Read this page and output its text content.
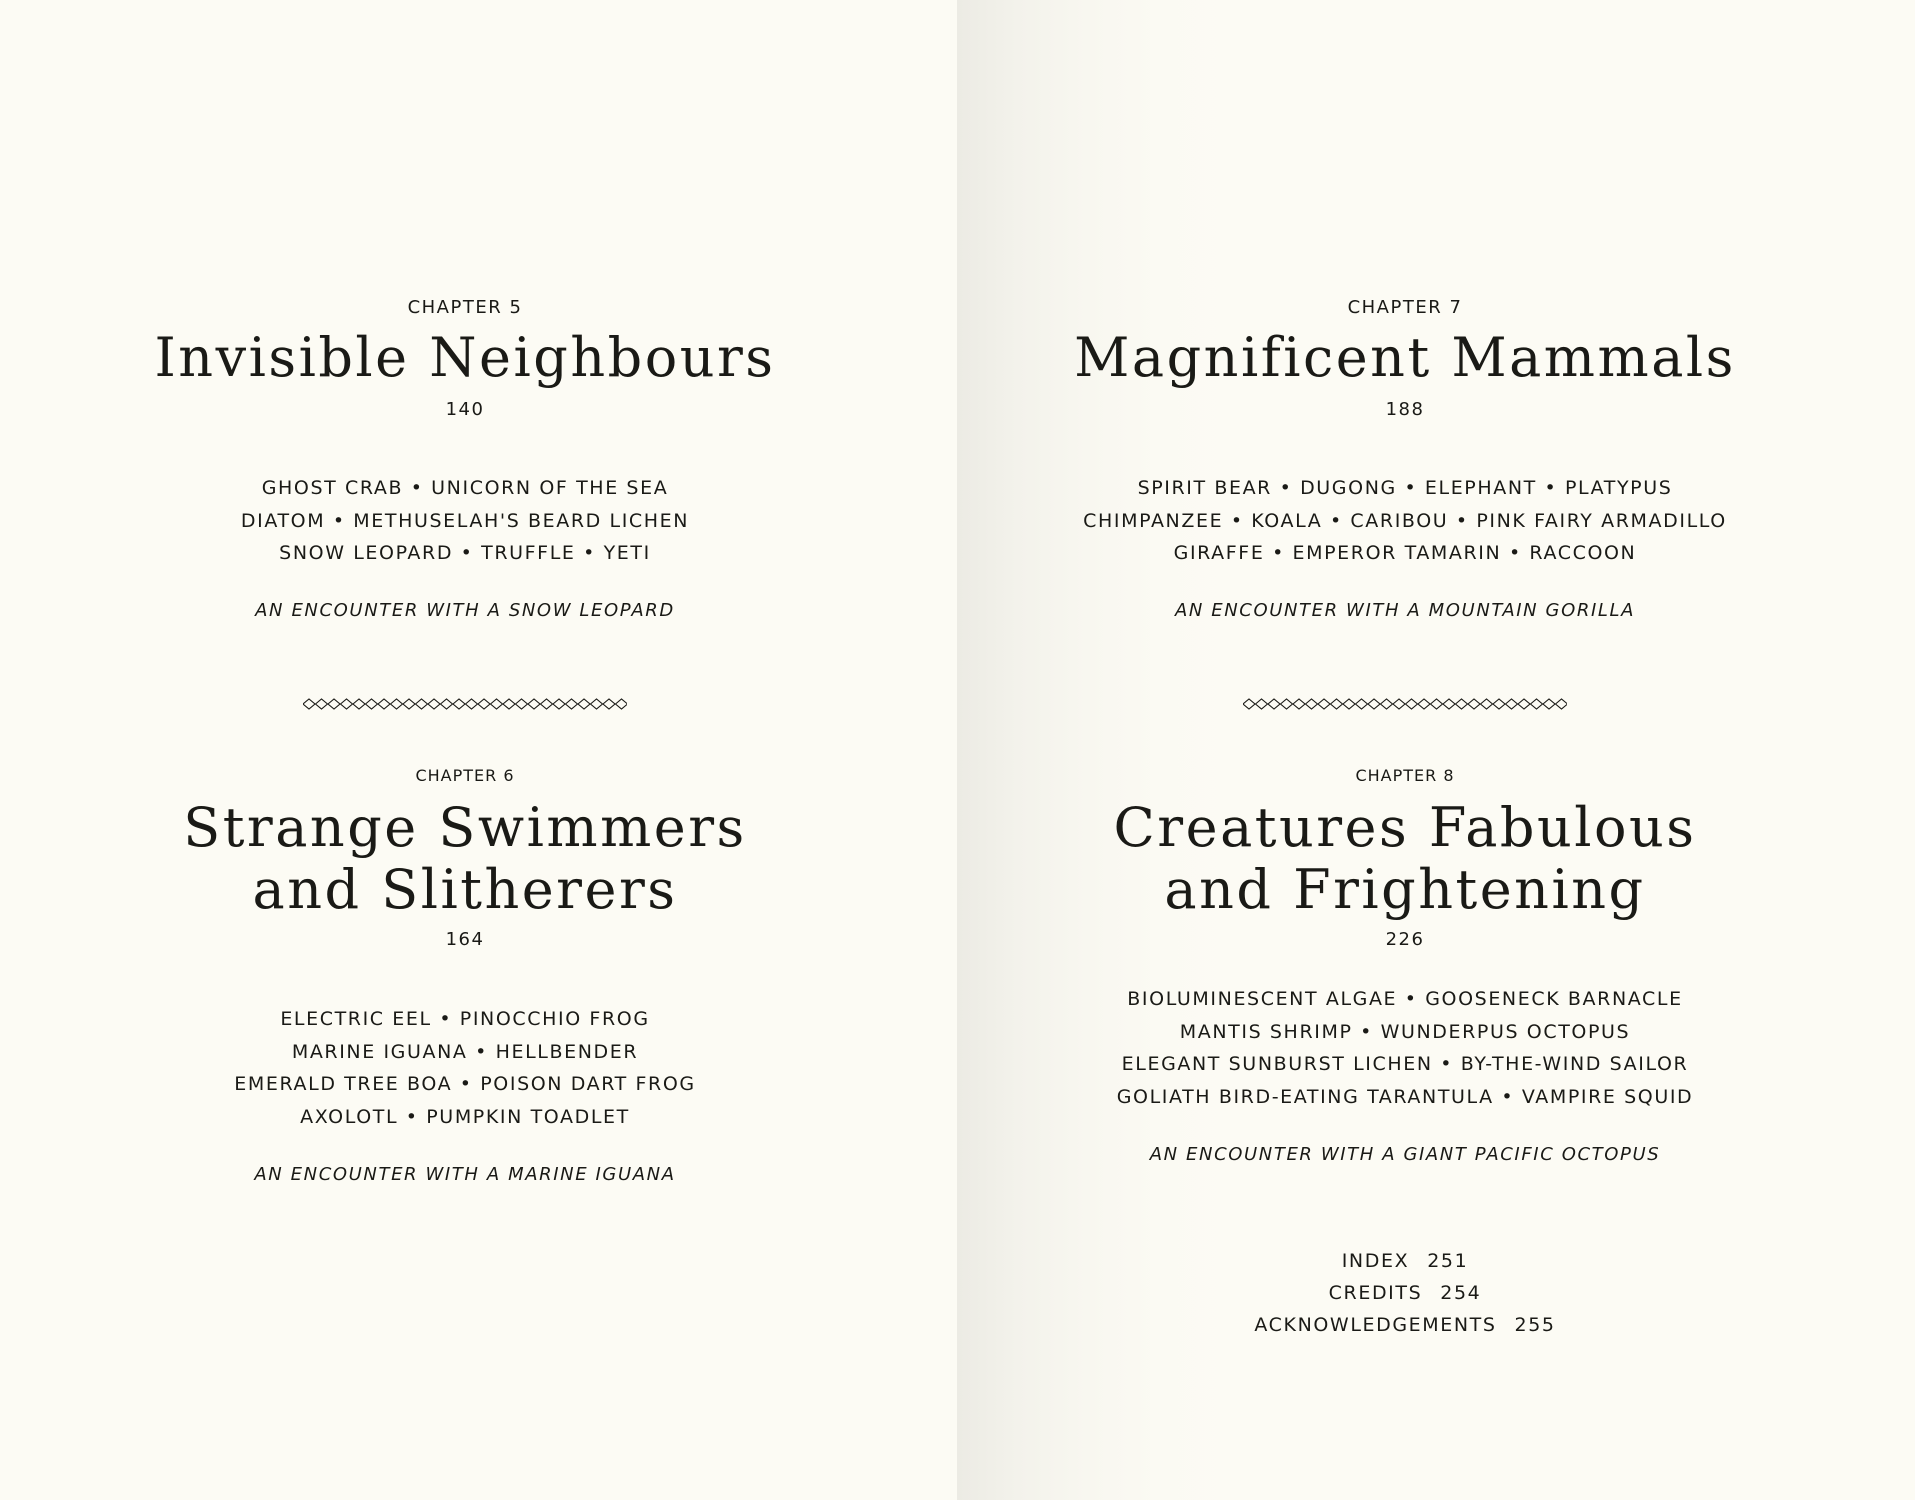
CHAPTER 5
Invisible Neighbours
140
GHOST CRAB • UNICORN OF THE SEA
DIATOM • METHUSELAH'S BEARD LICHEN
SNOW LEOPARD • TRUFFLE • YETI
AN ENCOUNTER WITH A SNOW LEOPARD
CHAPTER 6
Strange Swimmers
and Slitherers
164
ELECTRIC EEL • PINOCCHIO FROG
MARINE IGUANA • HELLBENDER
EMERALD TREE BOA • POISON DART FROG
AXOLOTL • PUMPKIN TOADLET
AN ENCOUNTER WITH A MARINE IGUANA
CHAPTER 7
Magnificent Mammals
188
SPIRIT BEAR • DUGONG • ELEPHANT • PLATYPUS
CHIMPANZEE • KOALA • CARIBOU • PINK FAIRY ARMADILLO
GIRAFFE • EMPEROR TAMARIN • RACCOON
AN ENCOUNTER WITH A MOUNTAIN GORILLA
CHAPTER 8
Creatures Fabulous
and Frightening
226
BIOLUMINESCENT ALGAE • GOOSENECK BARNACLE
MANTIS SHRIMP • WUNDERPUS OCTOPUS
ELEGANT SUNBURST LICHEN • BY-THE-WIND SAILOR
GOLIATH BIRD-EATING TARANTULA • VAMPIRE SQUID
AN ENCOUNTER WITH A GIANT PACIFIC OCTOPUS
INDEX 251
CREDITS 254
ACKNOWLEDGEMENTS 255
